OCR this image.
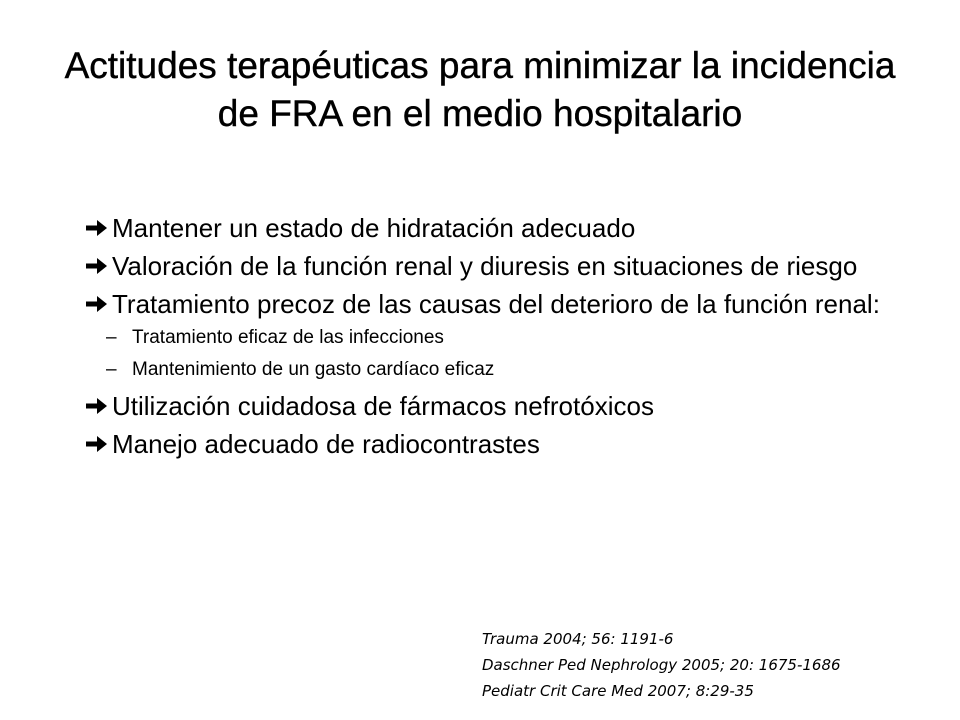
Actitudes terapéuticas para minimizar la incidencia de FRA en el medio hospitalario
Mantener un estado de hidratación adecuado
Valoración de la función renal y diuresis en situaciones de riesgo
Tratamiento precoz de las causas del deterioro de la función renal:
– Tratamiento eficaz de las infecciones
– Mantenimiento de un gasto cardíaco eficaz
Utilización cuidadosa de fármacos nefrotóxicos
Manejo adecuado de radiocontrastes
Trauma 2004; 56: 1191-6
Daschner Ped Nephrology 2005; 20: 1675-1686
Pediatr Crit Care Med 2007; 8:29-35
